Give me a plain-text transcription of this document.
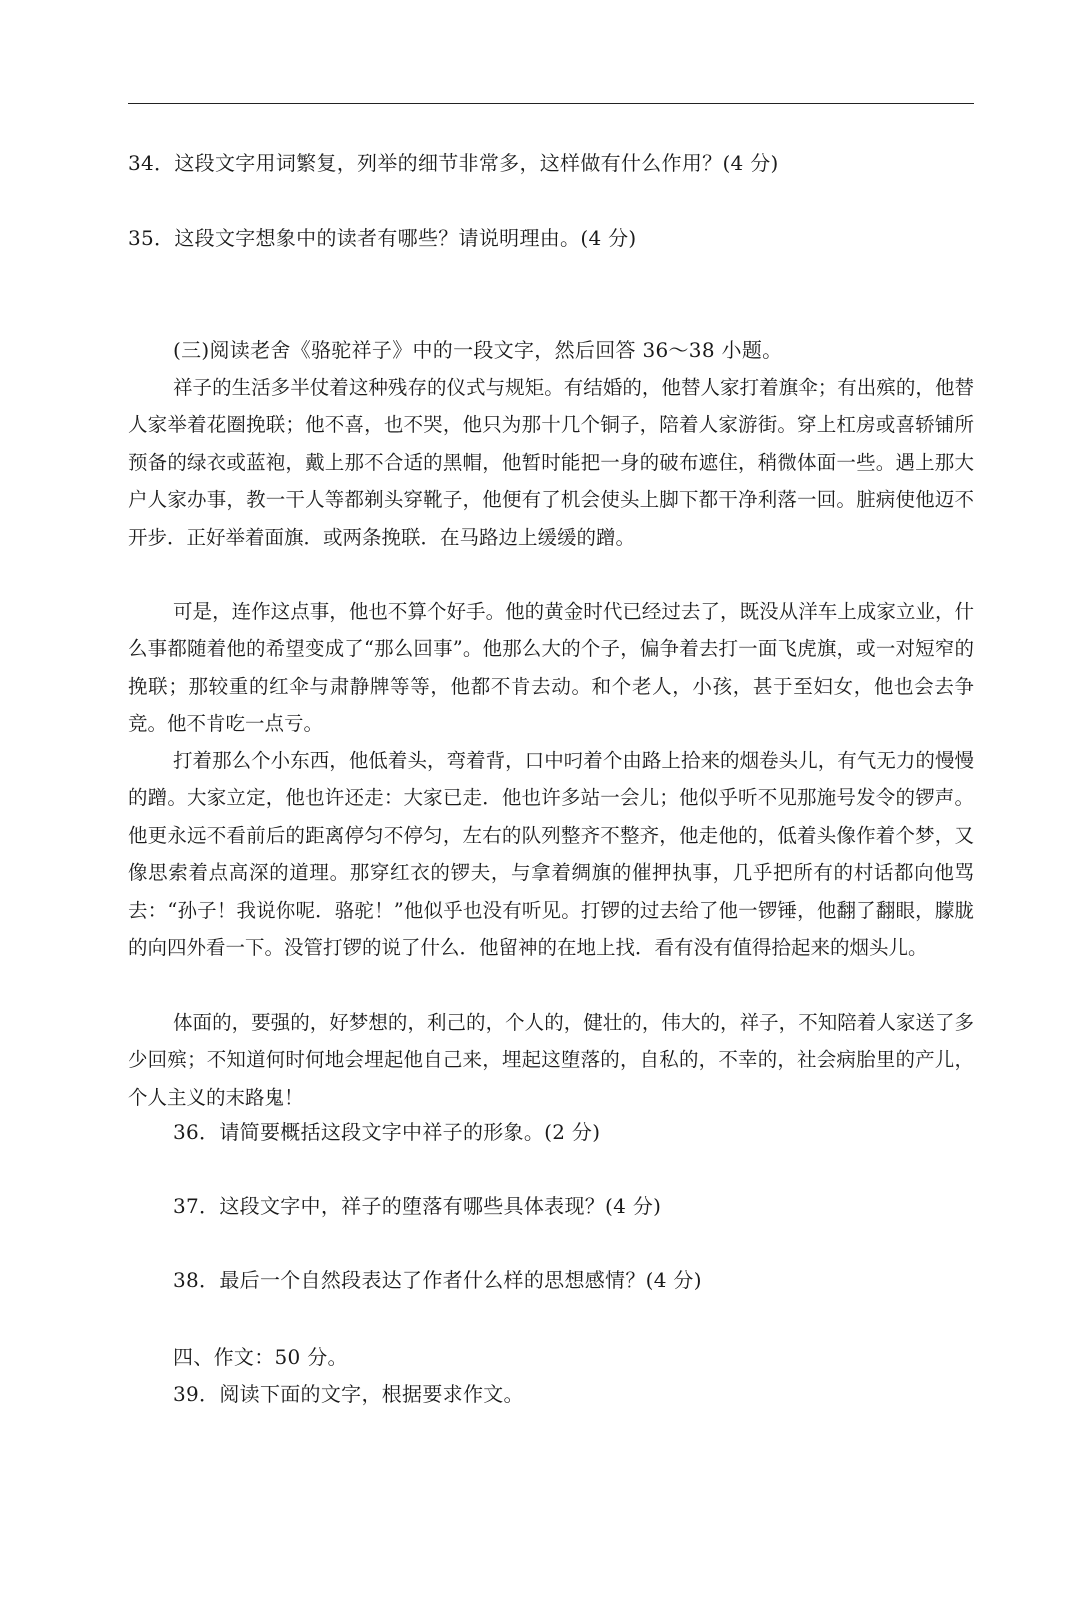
34．这段文字用词繁复，列举的细节非常多，这样做有什么作用？(4 分)
35．这段文字想象中的读者有哪些？请说明理由。(4 分)
(三)阅读老舍《骆驼祥子》中的一段文字，然后回答 36～38 小题。

祥子的生活多半仗着这种残存的仪式与规矩。有结婚的，他替人家打着旗伞；有出殡的，他替人家举着花圈挽联；他不喜，也不哭，他只为那十几个铜子，陪着人家游街。穿上杠房或喜轿铺所预备的绿衣或蓝袍，戴上那不合适的黑帽，他暂时能把一身的破布遮住，稍微体面一些。遇上那大户人家办事，教一干人等都剃头穿靴子，他便有了机会使头上脚下都干净利落一回。脏病使他迈不开步．正好举着面旗．或两条挽联．在马路边上缓缓的蹭。

可是，连作这点事，他也不算个好手。他的黄金时代已经过去了，既没从洋车上成家立业，什么事都随着他的希望变成了“那么回事”。他那么大的个子，偏争着去打一面飞虎旗，或一对短窄的挽联；那较重的红伞与肃静牌等等，他都不肯去动。和个老人，小孩，甚于至妇女，他也会去争竞。他不肯吃一点亏。

打着那么个小东西，他低着头，弯着背，口中叼着个由路上拾来的烟卷头儿，有气无力的慢慢的蹭。大家立定，他也许还走：大家已走．他也许多站一会儿；他似乎听不见那施号发令的锣声。他更永远不看前后的距离停匀不停匀，左右的队列整齐不整齐，他走他的，低着头像作着个梦，又像思索着点高深的道理。那穿红衣的锣夫，与拿着绸旗的催押执事，几乎把所有的村话都向他骂去：“孙子！我说你呢．骆驼！”他似乎也没有听见。打锣的过去给了他一锣锤，他翻了翻眼，朦胧的向四外看一下。没管打锣的说了什么．他留神的在地上找．看有没有值得拾起来的烟头儿。

体面的，要强的，好梦想的，利己的，个人的，健壮的，伟大的，祥子，不知陪着人家送了多少回殡；不知道何时何地会埋起他自己来，埋起这堕落的，自私的，不幸的，社会病胎里的产儿，个人主义的末路鬼！

36．请简要概括这段文字中祥子的形象。(2 分)
37．这段文字中，祥子的堕落有哪些具体表现？(4 分)
38．最后一个自然段表达了作者什么样的思想感情？(4 分)
四、作文：50 分。
39．阅读下面的文字，根据要求作文。
